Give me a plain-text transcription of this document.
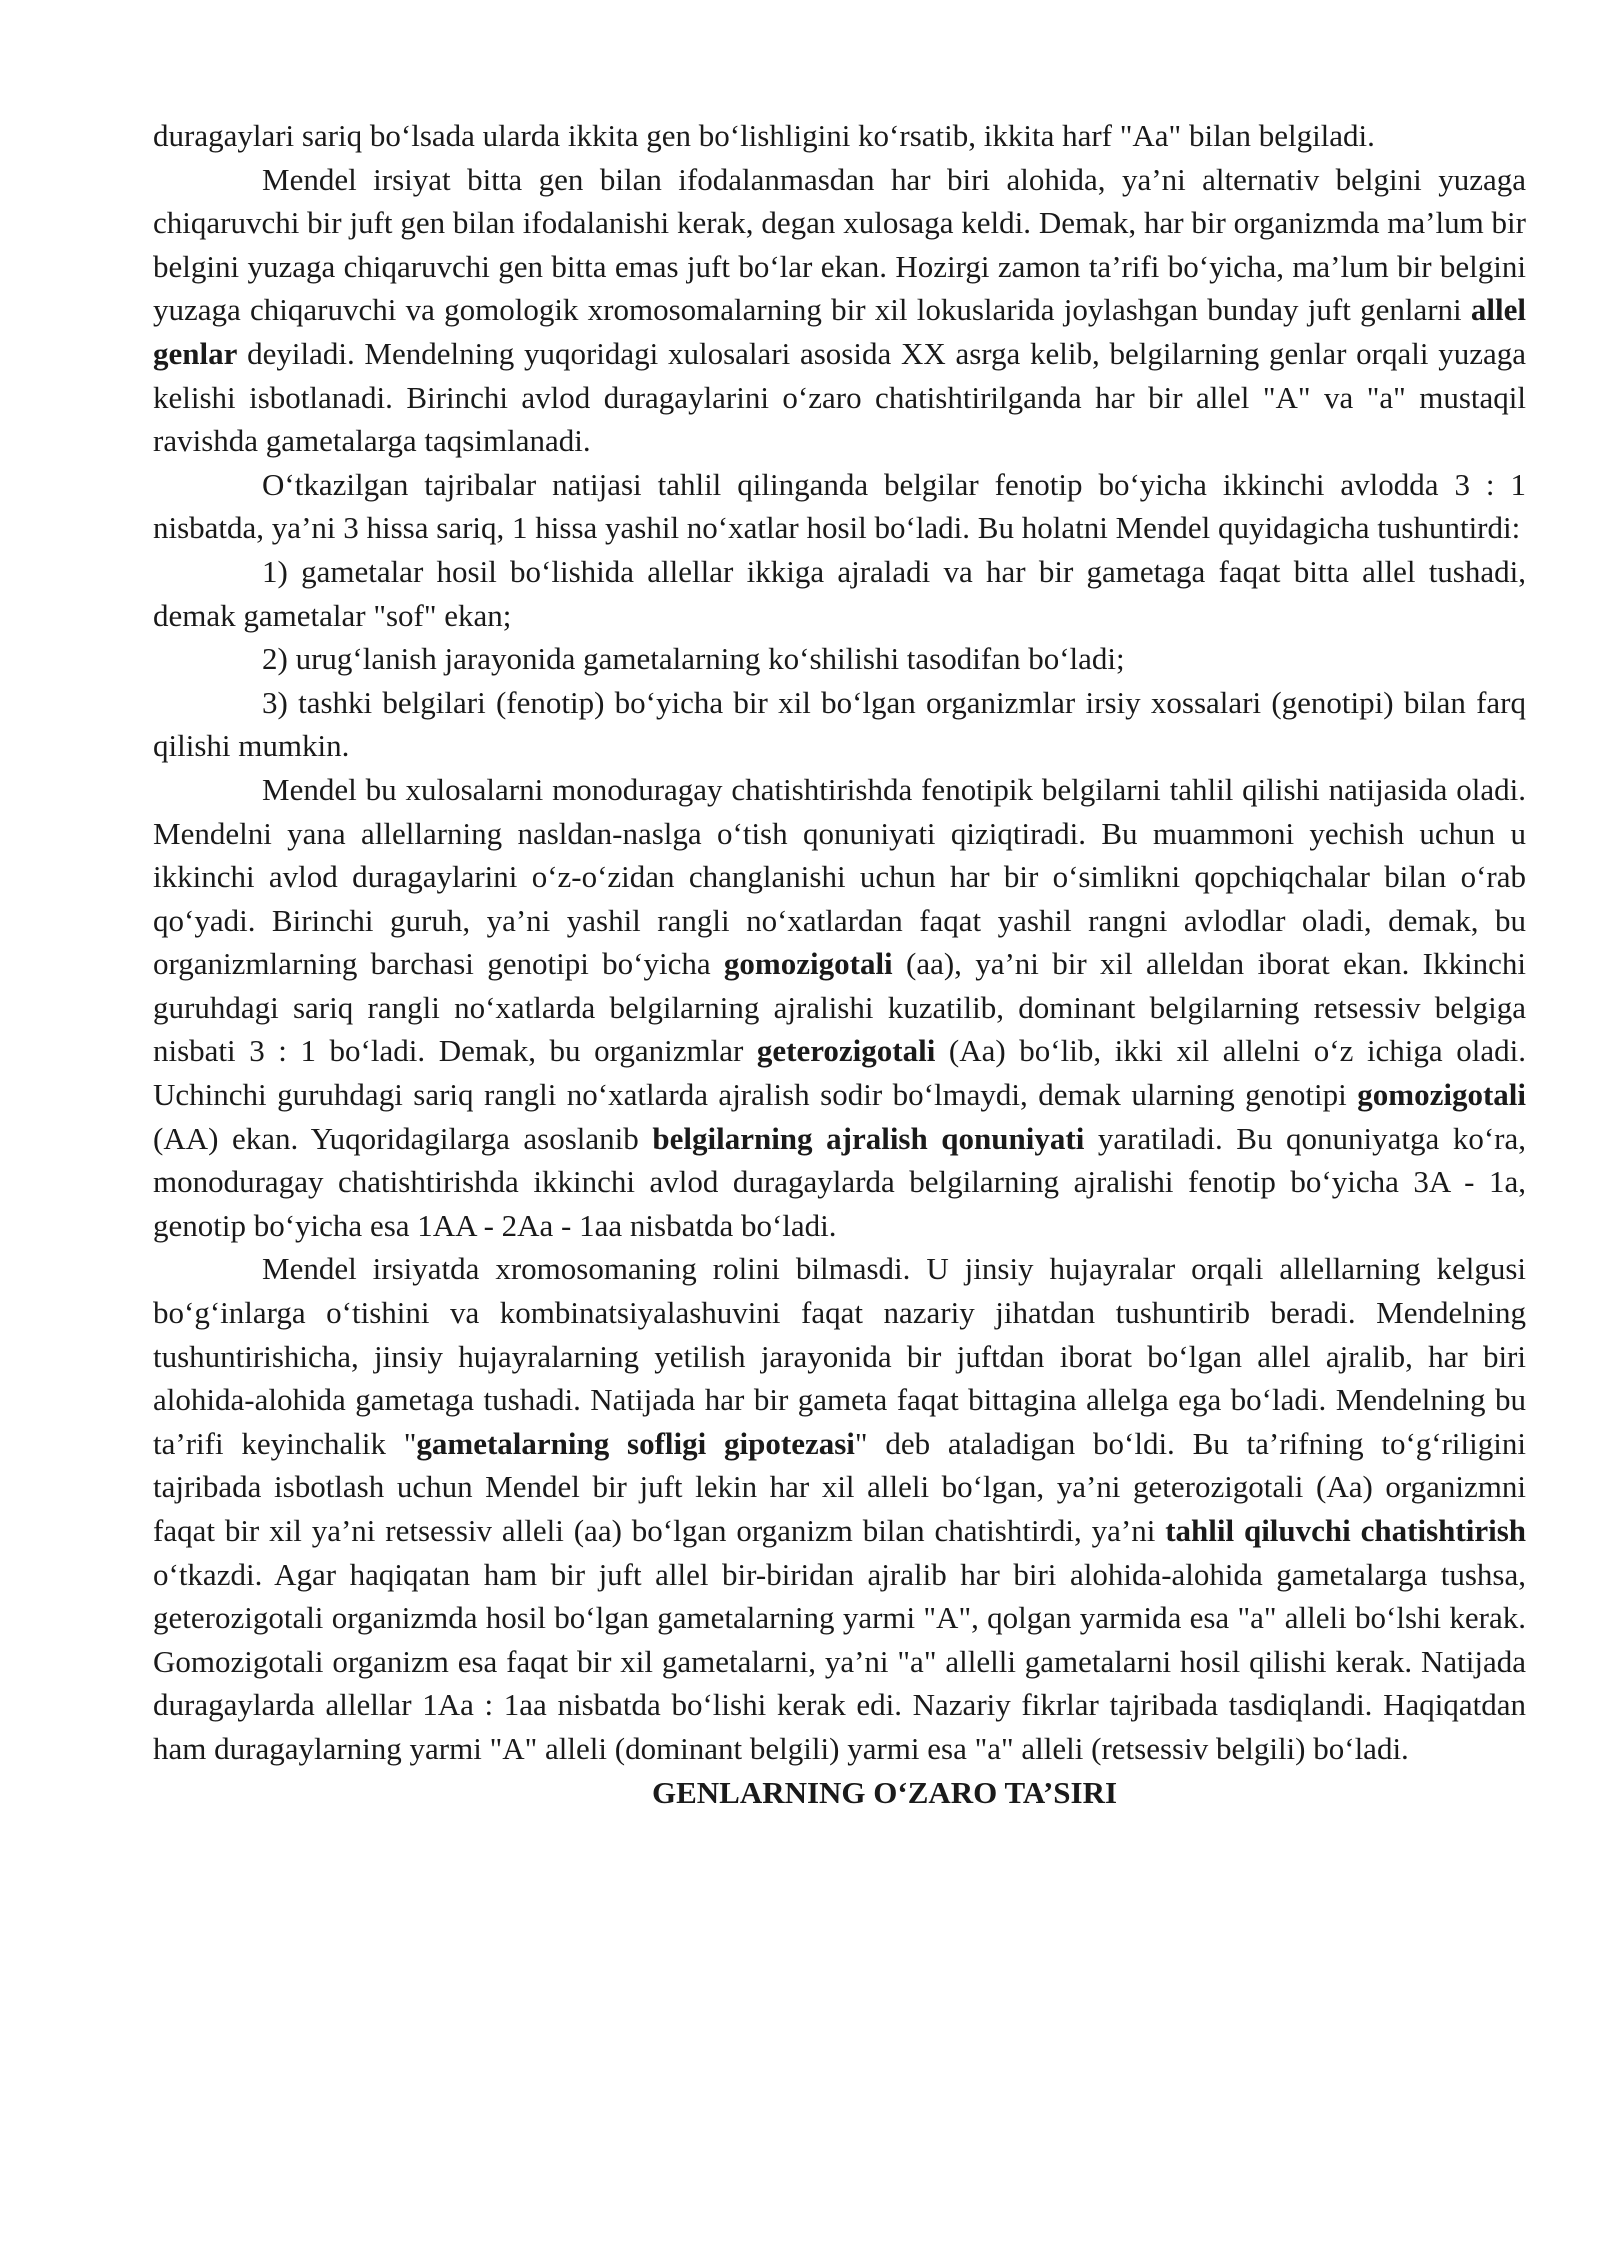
duragaylari sariq bo‘lsada ularda ikkita gen bo‘lishligini ko‘rsatib, ikkita harf "Aa" bilan belgiladi.

Mendel irsiyat bitta gen bilan ifodalanmasdan har biri alohida, ya’ni alternativ belgini yuzaga chiqaruvchi bir juft gen bilan ifodalanishi kerak, degan xulosaga keldi. Demak, har bir organizmda ma’lum bir belgini yuzaga chiqaruvchi gen bitta emas juft bo‘lar ekan. Hozirgi zamon ta’rifi bo‘yicha, ma’lum bir belgini yuzaga chiqaruvchi va gomologik xromosomalarning bir xil lokuslarida joylashgan bunday juft genlarni allel genlar deyiladi. Mendelning yuqoridagi xulosalari asosida XX asrga kelib, belgilarning genlar orqali yuzaga kelishi isbotlanadi. Birinchi avlod duragaylarini o‘zaro chatishtirilganda har bir allel "A" va "a" mustaqil ravishda gametalarga taqsimlanadi.

O‘tkazilgan tajribalar natijasi tahlil qilinganda belgilar fenotip bo‘yicha ikkinchi avlodda 3 : 1 nisbatda, ya’ni 3 hissa sariq, 1 hissa yashil no‘xatlar hosil bo‘ladi. Bu holatni Mendel quyidagicha tushuntirdi:

1) gametalar hosil bo‘lishida allellar ikkiga ajraladi va har bir gametaga faqat bitta allel tushadi, demak gametalar "sof" ekan;

2) urug‘lanish jarayonida gametalarning ko‘shilishi tasodifan bo‘ladi;

3) tashki belgilari (fenotip) bo‘yicha bir xil bo‘lgan organizmlar irsiy xossalari (genotipi) bilan farq qilishi mumkin.

Mendel bu xulosalarni monoduragay chatishtirishda fenotipik belgilarni tahlil qilishi natijasida oladi. Mendelni yana allellarning nasldan-naslga o‘tish qonuniyati qiziqtiradi. Bu muammoni yechish uchun u ikkinchi avlod duragaylarini o‘z-o‘zidan changlanishi uchun har bir o‘simlikni qopchiqchalar bilan o‘rab qo‘yadi. Birinchi guruh, ya’ni yashil rangli no‘xatlardan faqat yashil rangni avlodlar oladi, demak, bu organizmlarning barchasi genotipi bo‘yicha gomozigotali (aa), ya’ni bir xil alleldan iborat ekan. Ikkinchi guruhdagi sariq rangli no‘xatlarda belgilarning ajralishi kuzatilib, dominant belgilarning retsessiv belgiga nisbati 3 : 1 bo‘ladi. Demak, bu organizmlar geterozigotali (Aa) bo‘lib, ikki xil allelni o‘z ichiga oladi. Uchinchi guruhdagi sariq rangli no‘xatlarda ajralish sodir bo‘lmaydi, demak ularning genotipi gomozigotali (AA) ekan. Yuqoridagilarga asoslanib belgilarning ajralish qonuniyati yaratiladi. Bu qonuniyatga ko‘ra, monoduragay chatishtirishda ikkinchi avlod duragaylarda belgilarning ajralishi fenotip bo‘yicha 3A - 1a, genotip bo‘yicha esa 1AA - 2Aa - 1aa nisbatda bo‘ladi.

Mendel irsiyatda xromosomaning rolini bilmasdi. U jinsiy hujayralar orqali allellarning kelgusi bo‘g‘inlarga o‘tishini va kombinatsiyalashuvini faqat nazariy jihatdan tushuntirib beradi. Mendelning tushuntirishicha, jinsiy hujayralarning yetilish jarayonida bir juftdan iborat bo‘lgan allel ajralib, har biri alohida-alohida gametaga tushadi. Natijada har bir gameta faqat bittagina allelga ega bo‘ladi. Mendelning bu ta’rifi keyinchalik "gametalarning sofligi gipotezasi" deb ataladigan bo‘ldi. Bu ta’rifning to‘g‘riligini tajribada isbotlash uchun Mendel bir juft lekin har xil alleli bo‘lgan, ya’ni geterozigotali (Aa) organizmni faqat bir xil ya’ni retsessiv alleli (aa) bo‘lgan organizm bilan chatishtirdi, ya’ni tahlil qiluvchi chatishtirish o‘tkazdi. Agar haqiqatan ham bir juft allel bir-biridan ajralib har biri alohida-alohida gametalarga tushsa, geterozigotali organizmda hosil bo‘lgan gametalarning yarmi "A", qolgan yarmida esa "a" alleli bo‘lshi kerak. Gomozigotali organizm esa faqat bir xil gametalarni, ya’ni "a" allelli gametalarni hosil qilishi kerak. Natijada duragaylarda allellar 1Aa : 1aa nisbatda bo‘lishi kerak edi. Nazariy fikrlar tajribada tasdiqlandi. Haqiqatdan ham duragaylarning yarmi "A" alleli (dominant belgili) yarmi esa "a" alleli (retsessiv belgili) bo‘ladi.

GENLARNING O‘ZARO TA’SIRI
